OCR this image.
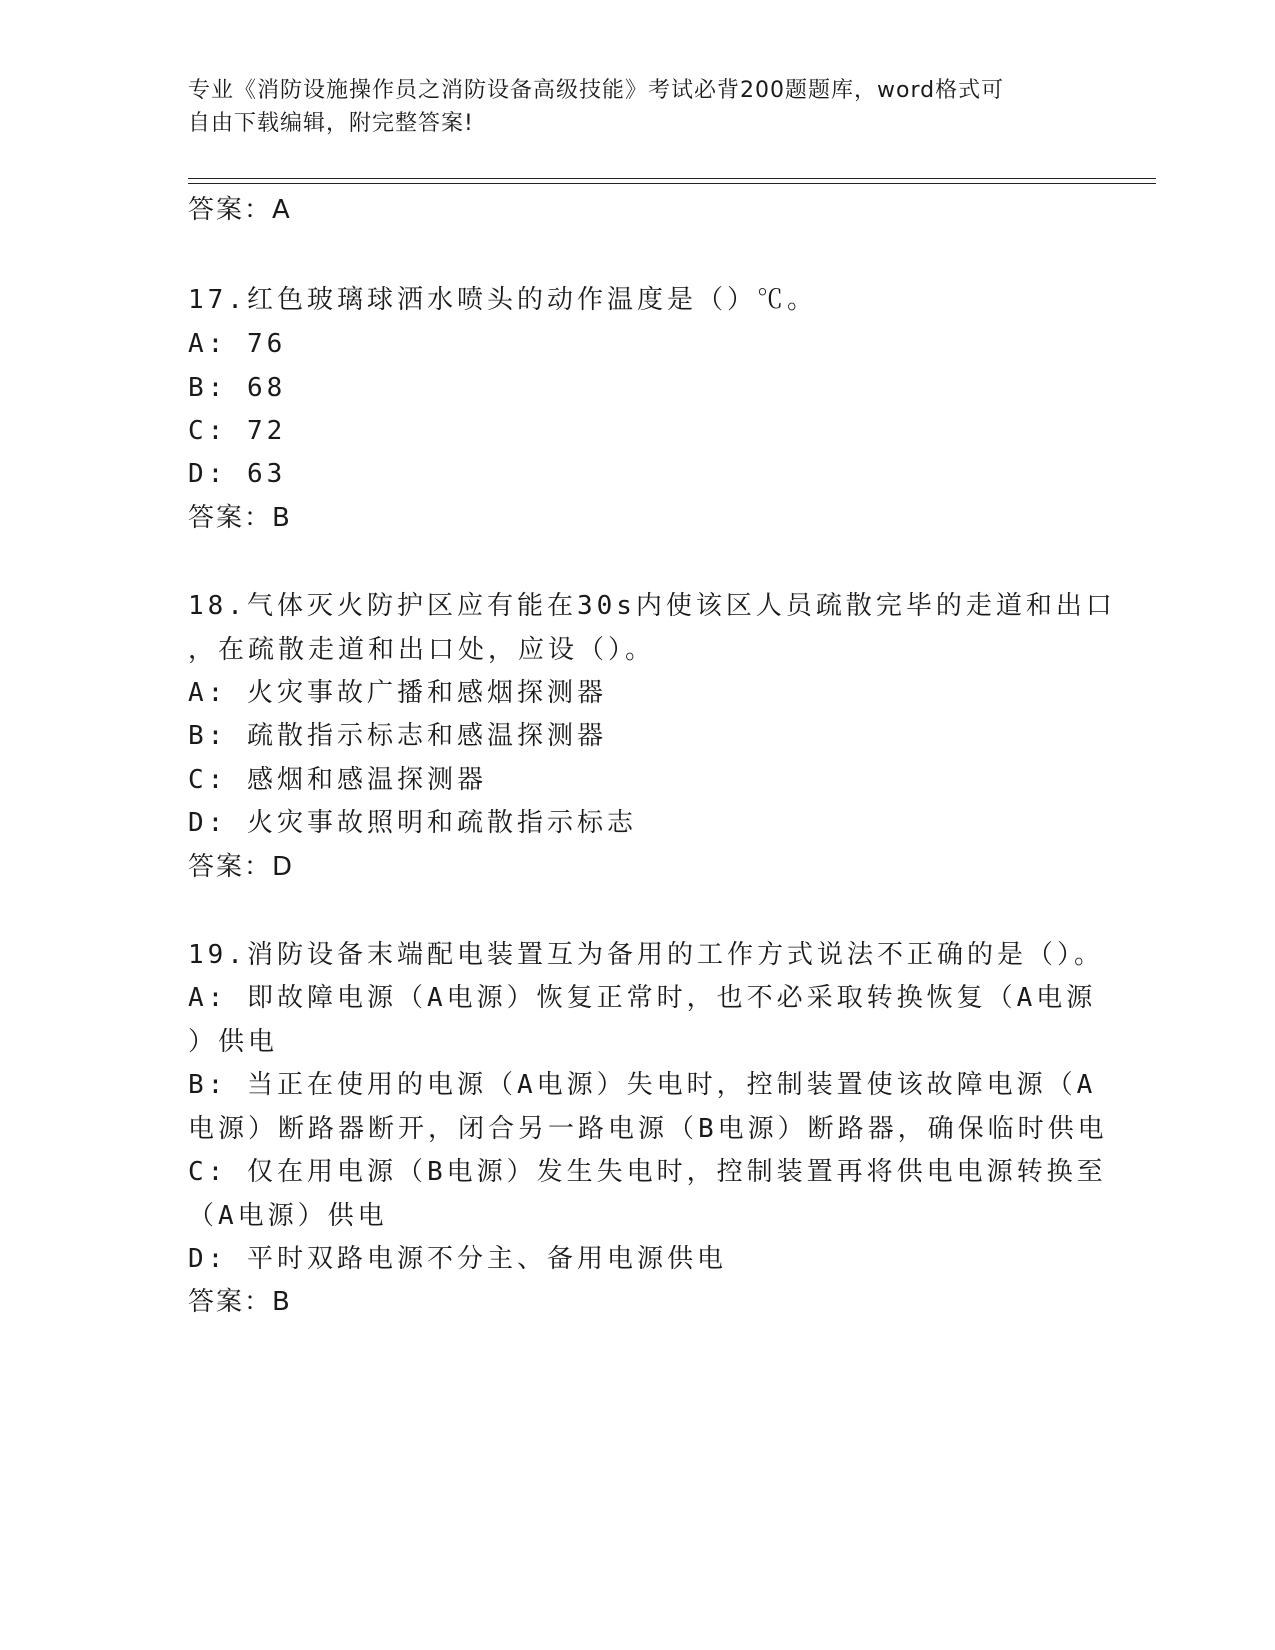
专业《消防设施操作员之消防设备高级技能》考试必背200题题库，word格式可
自由下载编辑，附完整答案!
答案：A
17.红色玻璃球洒水喷头的动作温度是（）℃。
A: 76
B: 68
C: 72
D: 63
答案：B
18.气体灭火防护区应有能在30s内使该区人员疏散完毕的走道和出口
，在疏散走道和出口处，应设（）。
A: 火灾事故广播和感烟探测器
B: 疏散指示标志和感温探测器
C: 感烟和感温探测器
D: 火灾事故照明和疏散指示标志
答案：D
19.消防设备末端配电装置互为备用的工作方式说法不正确的是（）。
A: 即故障电源（A电源）恢复正常时，也不必采取转换恢复（A电源
）供电
B: 当正在使用的电源（A电源）失电时，控制装置使该故障电源（A
电源）断路器断开，闭合另一路电源（B电源）断路器，确保临时供电
C: 仅在用电源（B电源）发生失电时，控制装置再将供电电源转换至
（A电源）供电
D: 平时双路电源不分主、备用电源供电
答案：B
